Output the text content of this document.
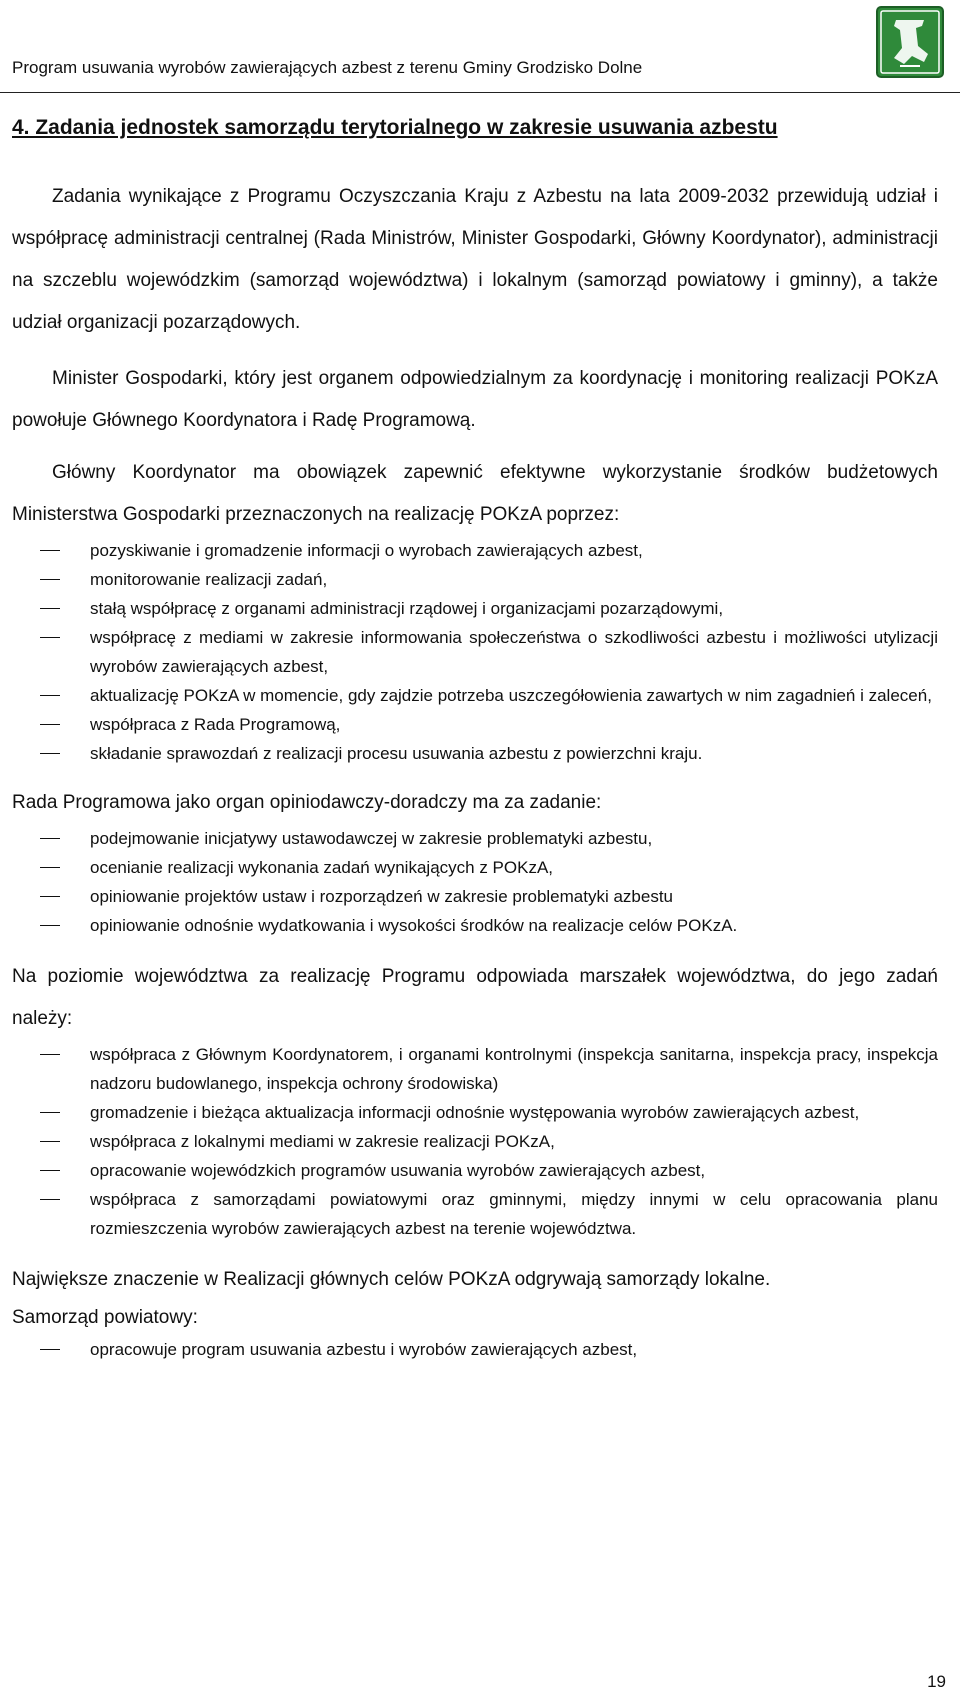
Program usuwania wyrobów zawierających azbest z terenu Gminy Grodzisko Dolne
4. Zadania jednostek samorządu terytorialnego w zakresie usuwania azbestu

Zadania wynikające z Programu Oczyszczania Kraju z Azbestu na lata 2009-2032 przewidują udział i współpracę administracji centralnej (Rada Ministrów, Minister Gospodarki, Główny Koordynator), administracji na szczeblu wojewódzkim (samorząd województwa) i lokalnym (samorząd powiatowy i gminny), a także udział organizacji pozarządowych.

Minister Gospodarki, który jest organem odpowiedzialnym za koordynację i monitoring realizacji POKzA powołuje Głównego Koordynatora i Radę Programową.

Główny Koordynator ma obowiązek zapewnić efektywne wykorzystanie środków budżetowych Ministerstwa Gospodarki przeznaczonych na realizację POKzA poprzez:

pozyskiwanie i gromadzenie informacji o wyrobach zawierających azbest,
monitorowanie realizacji zadań,
stałą współpracę z organami administracji rządowej i organizacjami pozarządowymi,
współpracę z mediami w zakresie informowania społeczeństwa o szkodliwości azbestu i możliwości utylizacji wyrobów zawierających azbest,
aktualizację POKzA w momencie, gdy zajdzie potrzeba uszczegółowienia zawartych w nim zagadnień i zaleceń,
współpraca z Rada Programową,
składanie sprawozdań z realizacji procesu usuwania azbestu z powierzchni kraju.

Rada Programowa jako organ opiniodawczy-doradczy ma za zadanie:

podejmowanie inicjatywy ustawodawczej w zakresie problematyki azbestu,
ocenianie realizacji wykonania zadań wynikających z POKzA,
opiniowanie projektów ustaw i rozporządzeń w zakresie problematyki azbestu
opiniowanie odnośnie wydatkowania i wysokości środków na realizacje celów POKzA.

Na poziomie województwa za realizację Programu odpowiada marszałek województwa, do jego zadań należy:

współpraca z Głównym Koordynatorem, i organami kontrolnymi (inspekcja sanitarna, inspekcja pracy, inspekcja nadzoru budowlanego, inspekcja ochrony środowiska)
gromadzenie i bieżąca aktualizacja informacji odnośnie występowania wyrobów zawierających azbest,
współpraca z lokalnymi mediami w zakresie realizacji POKzA,
opracowanie wojewódzkich programów usuwania wyrobów zawierających azbest,
współpraca z samorządami powiatowymi oraz gminnymi, między innymi w celu opracowania planu rozmieszczenia wyrobów zawierających azbest na terenie województwa.

Największe znaczenie w Realizacji głównych celów POKzA odgrywają samorządy lokalne.

Samorząd powiatowy:

opracowuje program usuwania azbestu i wyrobów zawierających azbest,
19
